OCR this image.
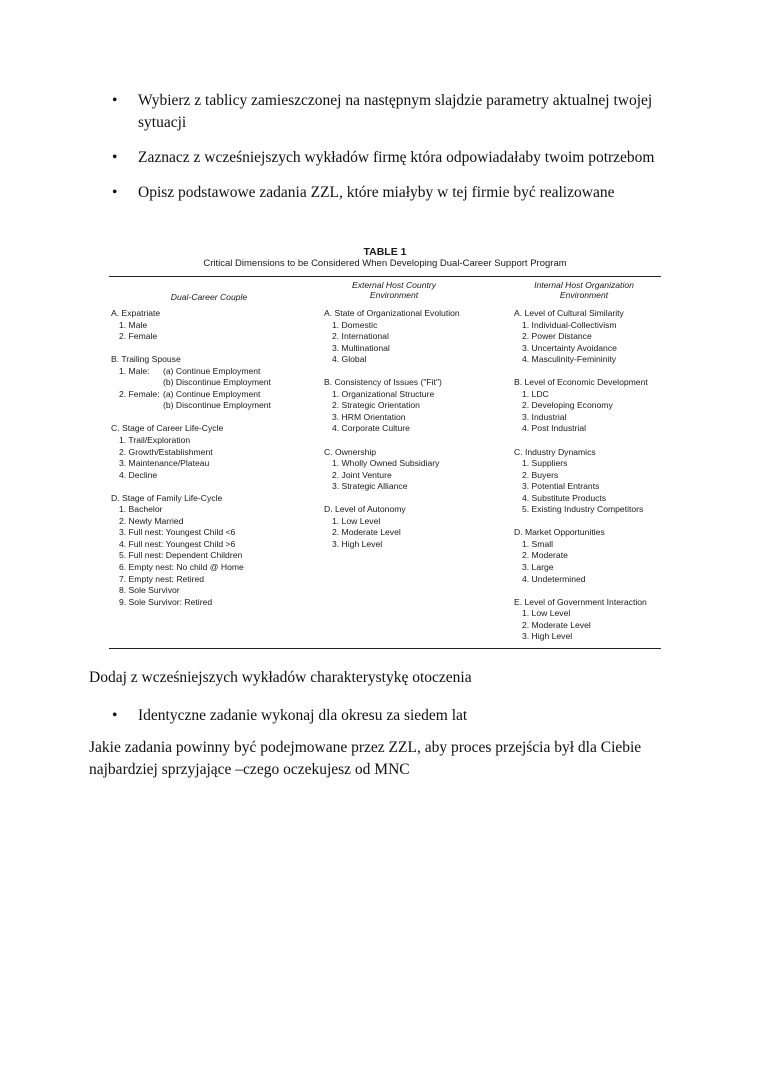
• Wybierz z tablicy zamieszczonej na następnym slajdzie parametry aktualnej twojej sytuacji
• Zaznacz z wcześniejszych wykładów firmę która odpowiadałaby twoim potrzebom
• Opisz podstawowe zadania ZZL, które miałyby w tej firmie być realizowane
TABLE 1
Critical Dimensions to be Considered When Developing Dual-Career Support Program
Dual-Career Couple
External Host Country
Environment
Internal Host Organization
Environment
A. Expatriate
1. Male
2. Female
B. Trailing Spouse
1. Male: (a) Continue Employment
(b) Discontinue Employment
2. Female: (a) Continue Employment
(b) Discontinue Employment
C. Stage of Career Life-Cycle
1. Trail/Exploration
2. Growth/Establishment
3. Maintenance/Plateau
4. Decline
D. Stage of Family Life-Cycle
1. Bachelor
2. Newly Married
3. Full nest: Youngest Child <6
4. Full nest: Youngest Child >6
5. Full nest: Dependent Children
6. Empty nest: No child @ Home
7. Empty nest: Retired
8. Sole Survivor
9. Sole Survivor: Retired
A. State of Organizational Evolution
1. Domestic
2. International
3. Multinational
4. Global
B. Consistency of Issues ("Fit")
1. Organizational Structure
2. Strategic Orientation
3. HRM Orientation
4. Corporate Culture
C. Ownership
1. Wholly Owned Subsidiary
2. Joint Venture
3. Strategic Alliance
D. Level of Autonomy
1. Low Level
2. Moderate Level
3. High Level
A. Level of Cultural Similarity
1. Individual-Collectivism
2. Power Distance
3. Uncertainty Avoidance
4. Masculinity-Femininity
B. Level of Economic Development
1. LDC
2. Developing Economy
3. Industrial
4. Post Industrial
C. Industry Dynamics
1. Suppliers
2. Buyers
3. Potential Entrants
4. Substitute Products
5. Existing Industry Competitors
D. Market Opportunities
1. Small
2. Moderate
3. Large
4. Undetermined
E. Level of Government Interaction
1. Low Level
2. Moderate Level
3. High Level
Dodaj z wcześniejszych wykładów charakterystykę otoczenia
• Identyczne zadanie wykonaj dla okresu za siedem lat
Jakie zadania powinny być podejmowane przez ZZL, aby proces przejścia był dla Ciebie najbardziej sprzyjające –czego oczekujesz od MNC
